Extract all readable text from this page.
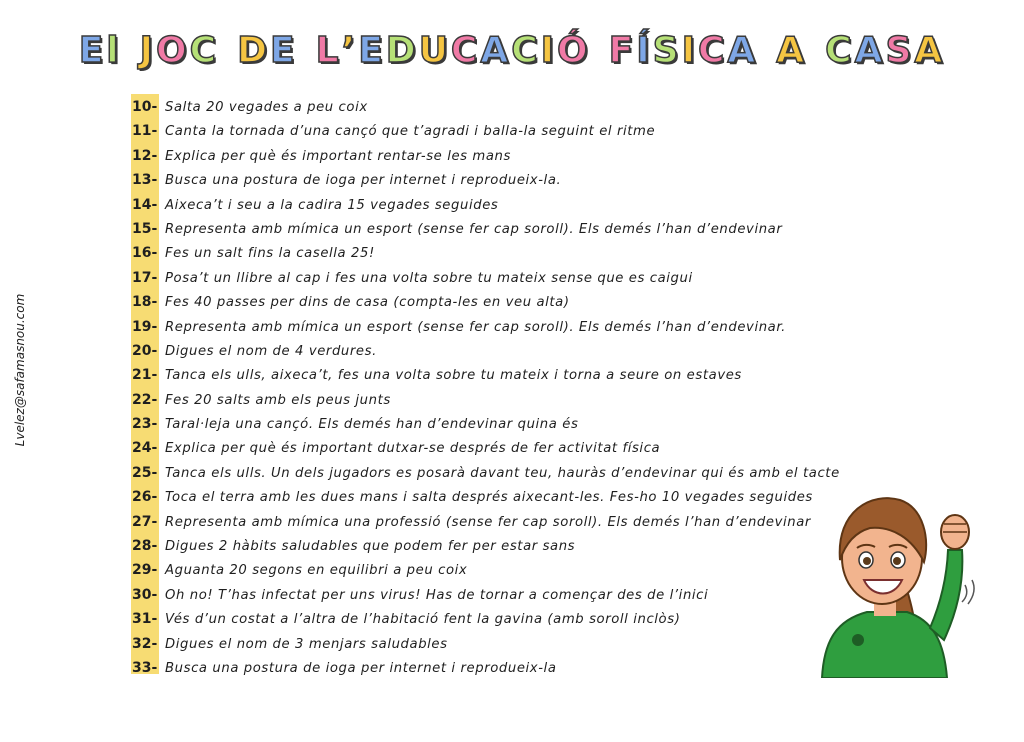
El JOC DE L’EDUCACIÓ FÍSICA A CASA
10- Salta 20 vegades a peu coix
11- Canta la tornada d’una cançó que t’agradi i balla-la seguint el ritme
12- Explica per què és important rentar-se les mans
13- Busca una postura de ioga per internet i reprodueix-la.
14- Aixeca’t i seu a la cadira 15 vegades seguides
15- Representa amb mímica un esport (sense fer cap soroll). Els demés l’han d’endevinar
16- Fes un salt fins la casella 25!
17- Posa’t un llibre al cap i fes una volta sobre tu mateix sense que es caigui
18- Fes 40 passes per dins de casa (compta-les en veu alta)
19- Representa amb mímica un esport (sense fer cap soroll). Els demés l’han d’endevinar.
20- Digues el nom de 4 verdures.
21- Tanca els ulls, aixeca’t, fes una volta sobre tu mateix i torna a seure on estaves
22- Fes 20 salts amb els peus junts
23- Taral·leja una cançó. Els demés han d’endevinar quina és
24- Explica per què és important dutxar-se després de fer activitat física
25- Tanca els ulls. Un dels jugadors es posarà davant teu, hauràs d’endevinar qui és amb el tacte
26- Toca el terra amb les dues mans i salta després aixecant-les. Fes-ho 10 vegades seguides
27- Representa amb mímica una professió (sense fer cap soroll). Els demés l’han d’endevinar
28- Digues 2 hàbits saludables que podem fer per estar sans
29- Aguanta 20 segons en equilibri a peu coix
30- Oh no! T’has infectat per uns virus! Has de tornar a començar des de l’inici
31- Vés d’un costat a l’altra de l’habitació fent la gavina (amb soroll inclòs)
32- Digues el nom de 3 menjars saludables
33- Busca una postura de ioga per internet i reprodueix-la
Lvelez@safamasnou.com
